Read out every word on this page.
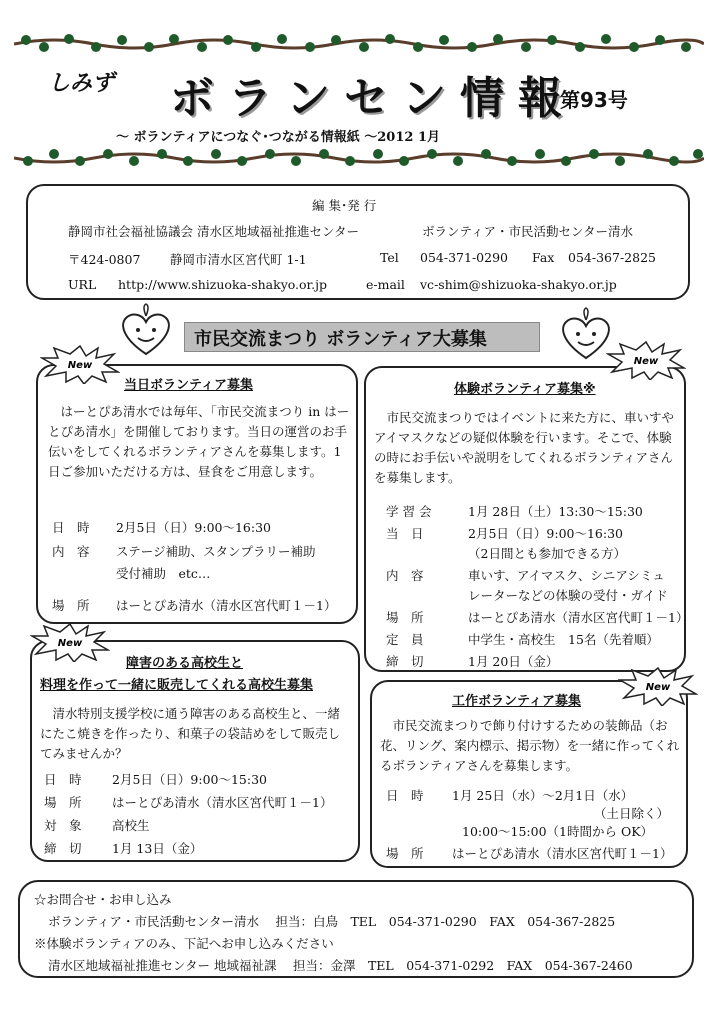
しみず ボランセン情報
第93号
～ ボランティアにつなぐ･つながる情報紙 ～2012 1月
編 集･発 行
静岡市社会福祉協議会 清水区地域福祉推進センター	ボランティア・市民活動センター清水
〒424-0807 静岡市清水区宮代町 1-1	Tel 054-371-0290 Fax 054-367-2825
URL http://www.shizuoka-shakyo.or.jp	e-mail vc-shim@shizuoka-shakyo.or.jp
市民交流まつり ボランティア大募集
当日ボランティア募集
　はーとぴあ清水では毎年、「市民交流まつり in はーとぴあ清水」を開催しております。当日の運営のお手伝いをしてくれるボランティアさんを募集します。1日ご参加いただける方は、昼食をご用意します。
日　時 2月5日（日）9:00～16:30
内　容 ステージ補助、スタンプラリー補助
受付補助　etc…
場　所 はーとぴあ清水（清水区宮代町１－1）
New
体験ボランティア募集※
　市民交流まつりではイベントに来た方に、車いすやアイマスクなどの疑似体験を行います。そこで、体験の時にお手伝いや説明をしてくれるボランティアさんを募集します。
学 習 会	1月 28日（土）13:30～15:30
当　日	2月5日（日）9:00～16:30
（2日間とも参加できる方）
内　容	車いす、アイマスク、シニアシミュ
レーターなどの体験の受付・ガイド
場　所	はーとぴあ清水（清水区宮代町１－1）
定　員	中学生・高校生　15名（先着順）
締　切	1月 20日（金）
New
障害のある高校生と
料理を作って一緒に販売してくれる高校生募集
　清水特別支援学校に通う障害のある高校生と、一緒にたこ焼きを作ったり、和菓子の袋詰めをして販売してみませんか？
日　時 2月5日（日）9:00～15:30
場　所 はーとぴあ清水（清水区宮代町１－1）
対　象 高校生
締　切 1月 13日（金）
New
工作ボランティア募集
　市民交流まつりで飾り付けするための装飾品（お花、リング、案内標示、掲示物）を一緒に作ってくれるボランティアさんを募集します。
日　時 1月 25日（水）～2月1日（水）
（土日除く）
10:00～15:00（1時間から OK）
場　所 はーとぴあ清水（清水区宮代町１－1）
New
☆お問合せ・お申し込み
ボランティア・市民活動センター清水　 担当：白鳥　TEL　054-371-0290　FAX　054-367-2825
※体験ボランティアのみ、下記へお申し込みください
清水区地域福祉推進センター 地域福祉課　 担当：金澤　TEL　054-371-0292　FAX　054-367-2460
